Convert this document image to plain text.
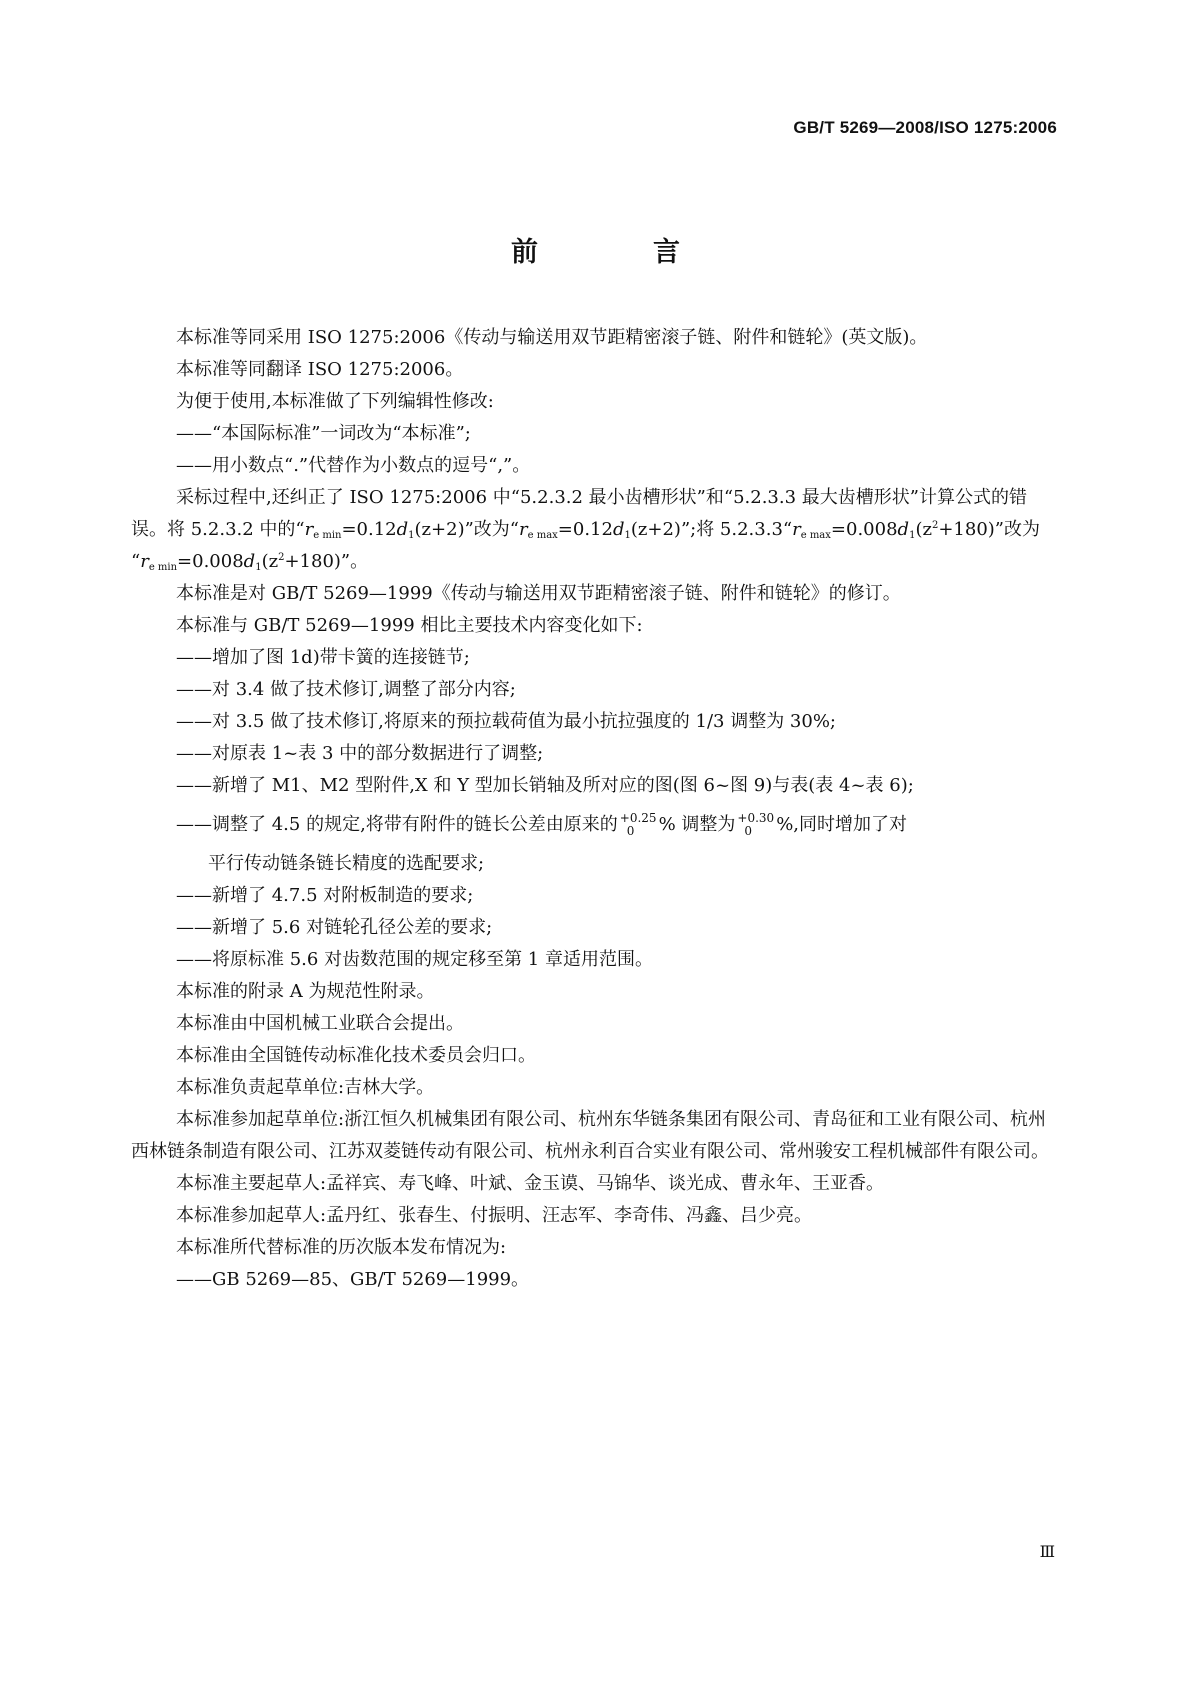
GB/T 5269—2008/ISO 1275:2006
前　言
本标准等同采用 ISO 1275:2006《传动与输送用双节距精密滚子链、附件和链轮》(英文版)。
本标准等同翻译 ISO 1275:2006。
为便于使用,本标准做了下列编辑性修改:
——“本国际标准”一词改为“本标准”;
——用小数点“.”代替作为小数点的逗号“,”。
采标过程中,还纠正了 ISO 1275:2006 中“5.2.3.2 最小齿槽形状”和“5.2.3.3 最大齿槽形状”计算公式的错误。将 5.2.3.2 中的“$r_{e min}=0.12d_1(z+2)$”改为“$r_{e max}=0.12d_1(z+2)$”;将 $5.2.3.3“r_{e max}=0.008d_1(z^2+180)$”改为 “$r_{e min}=0.008d_1(z^2+180)$”。
本标准是对 GB/T 5269—1999《传动与输送用双节距精密滚子链、附件和链轮》的修订。
本标准与 GB/T 5269—1999 相比主要技术内容变化如下:
——增加了图 1d)带卡簧的连接链节;
——对 3.4 做了技术修订,调整了部分内容;
——对 3.5 做了技术修订,将原来的预拉载荷值为最小抗拉强度的 1/3 调整为 30%;
——对原表 1~表 3 中的部分数据进行了调整;
——新增了 M1、M2 型附件,X 和 Y 型加长销轴及所对应的图(图 6~图 9)与表(表 4~表 6);
——调整了 4.5 的规定,将带有附件的链长公差由原来的 +0.25
0	% 调整为 +0.30
0	%,同时增加了对
平行传动链条链长精度的选配要求;
——新增了 4.7.5 对附板制造的要求;
——新增了 5.6 对链轮孔径公差的要求;
——将原标准 5.6 对齿数范围的规定移至第 1 章适用范围。
本标准的附录 A 为规范性附录。
本标准由中国机械工业联合会提出。
本标准由全国链传动标准化技术委员会归口。
本标准负责起草单位:吉林大学。
本标准参加起草单位:浙江恒久机械集团有限公司、杭州东华链条集团有限公司、青岛征和工业有限公司、杭州西林链条制造有限公司、江苏双菱链传动有限公司、杭州永利百合实业有限公司、常州骏安工程机械部件有限公司。
本标准主要起草人:孟祥宾、寿飞峰、叶斌、金玉谟、马锦华、谈光成、曹永年、王亚香。
本标准参加起草人:孟丹红、张春生、付振明、汪志军、李奇伟、冯鑫、吕少亮。
本标准所代替标准的历次版本发布情况为:
——GB 5269—85、GB/T 5269—1999。
Ⅲ
